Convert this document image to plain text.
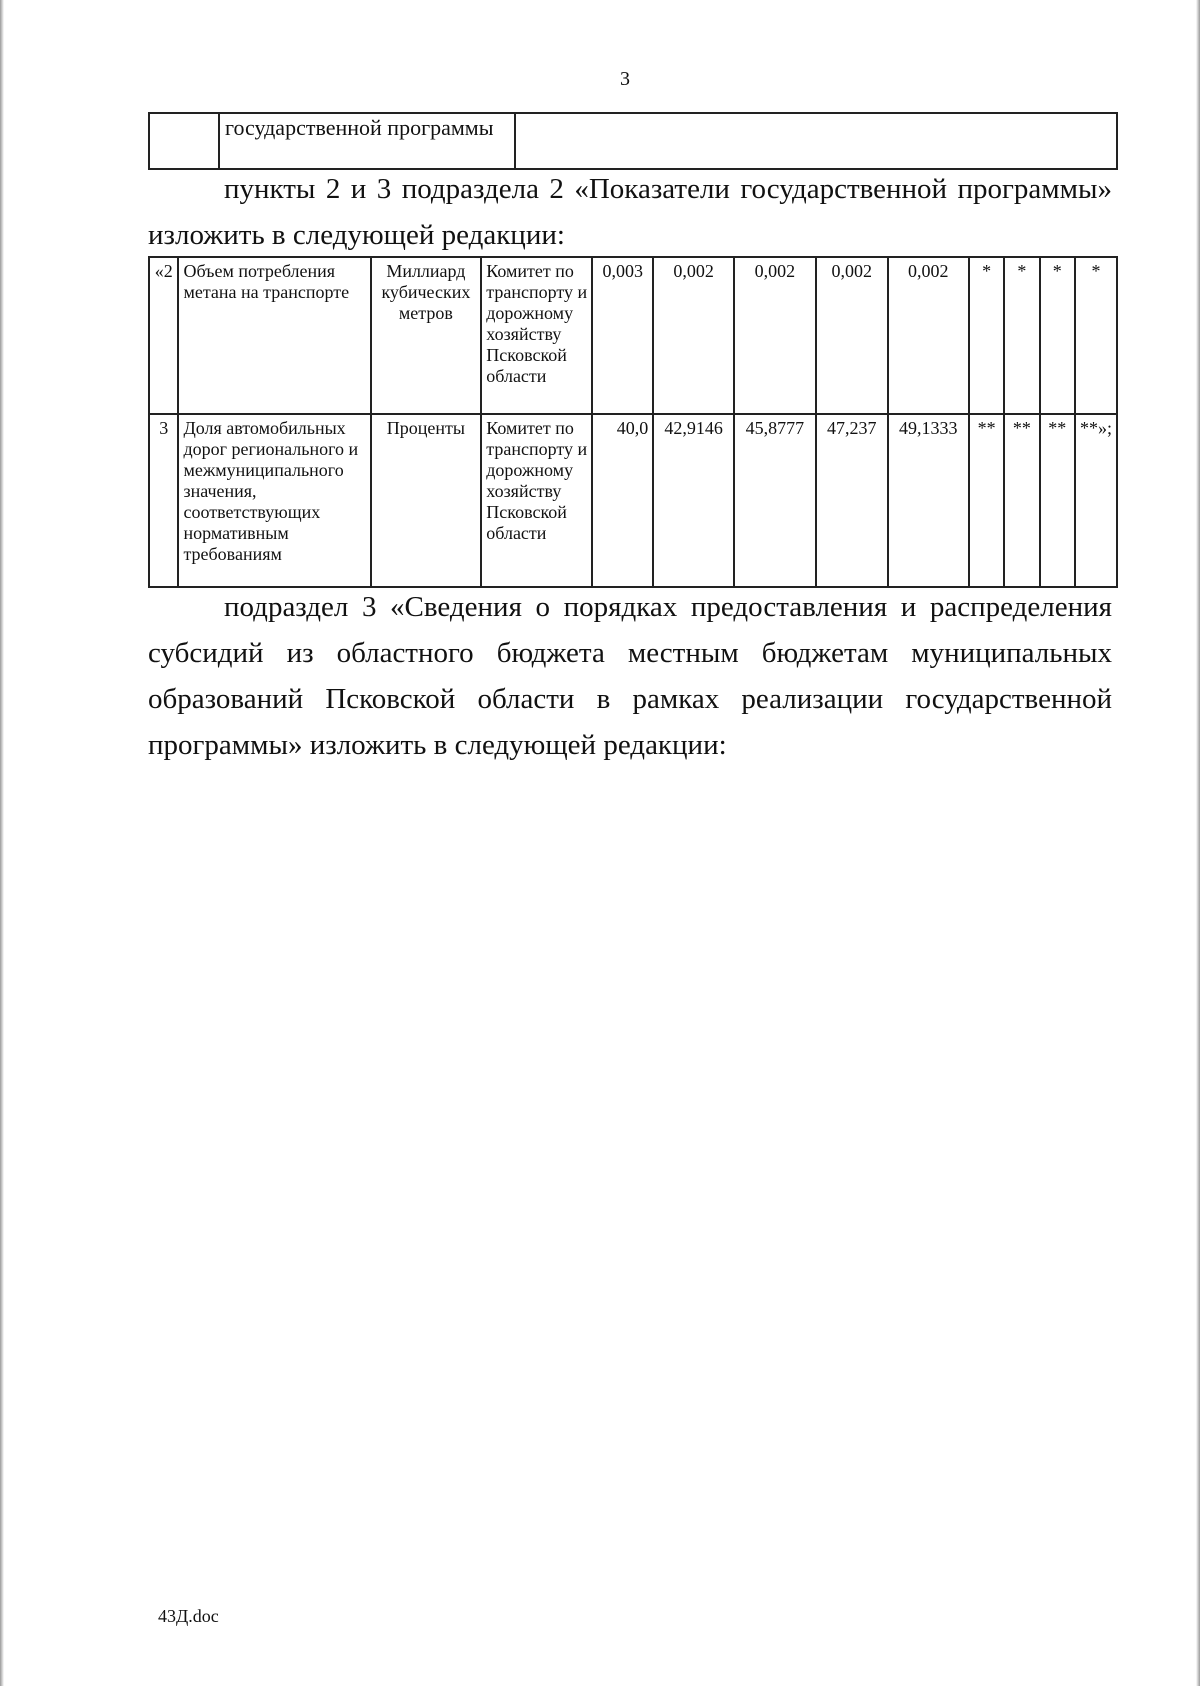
3
	государственной программы	
пункты 2 и 3 подраздела 2 «Показатели государственной программы» изложить в следующей редакции:
«2	Объем потребления метана на транспорте	Миллиард кубических метров	Комитет по транспорту и дорожному хозяйству Псковской области	0,003	0,002	0,002	0,002	0,002	*	*	*	*
3	Доля автомобильных дорог регионального и межмуниципального значения, соответствующих нормативным требованиям	Проценты	Комитет по транспорту и дорожному хозяйству Псковской области	40,0	42,9146	45,8777	47,237	49,1333	**	**	**	**»;
подраздел 3 «Сведения о порядках предоставления и распределения субсидий из областного бюджета местным бюджетам муниципальных образований Псковской области в рамках реализации государственной программы» изложить в следующей редакции:
43Д.doc
